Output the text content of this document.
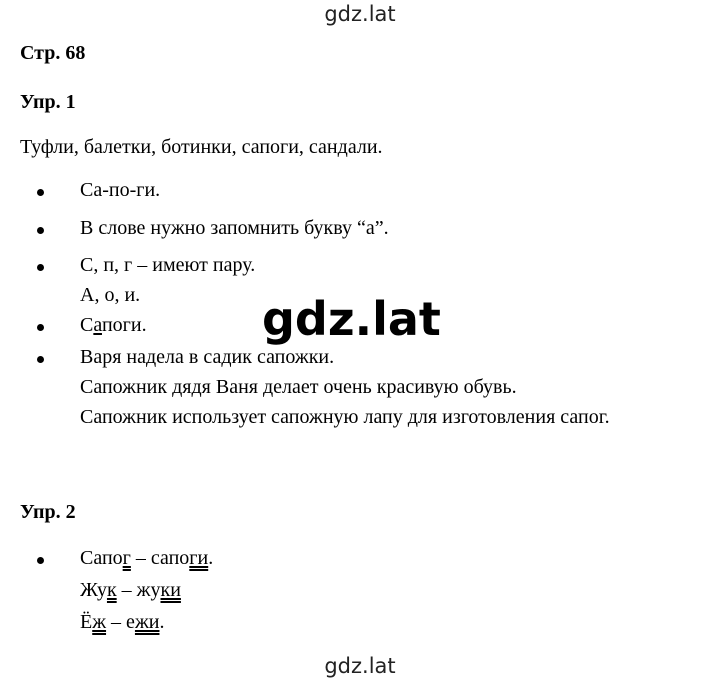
gdz.lat
Стр. 68
Упр. 1
Туфли, балетки, ботинки, сапоги, сандали.
Са-по-ги.
В слове нужно запомнить букву “а”.
С, п, г – имеют пару.
А, о, и.
Сапоги.
Варя надела в садик сапожки.
Сапожник дядя Ваня делает очень красивую обувь.
Сапожник использует сапожную лапу для изготовления сапог.
gdz.lat
Упр. 2
Сапог – сапоги.
Жук – жуки
Ёж – ежи.
gdz.lat
